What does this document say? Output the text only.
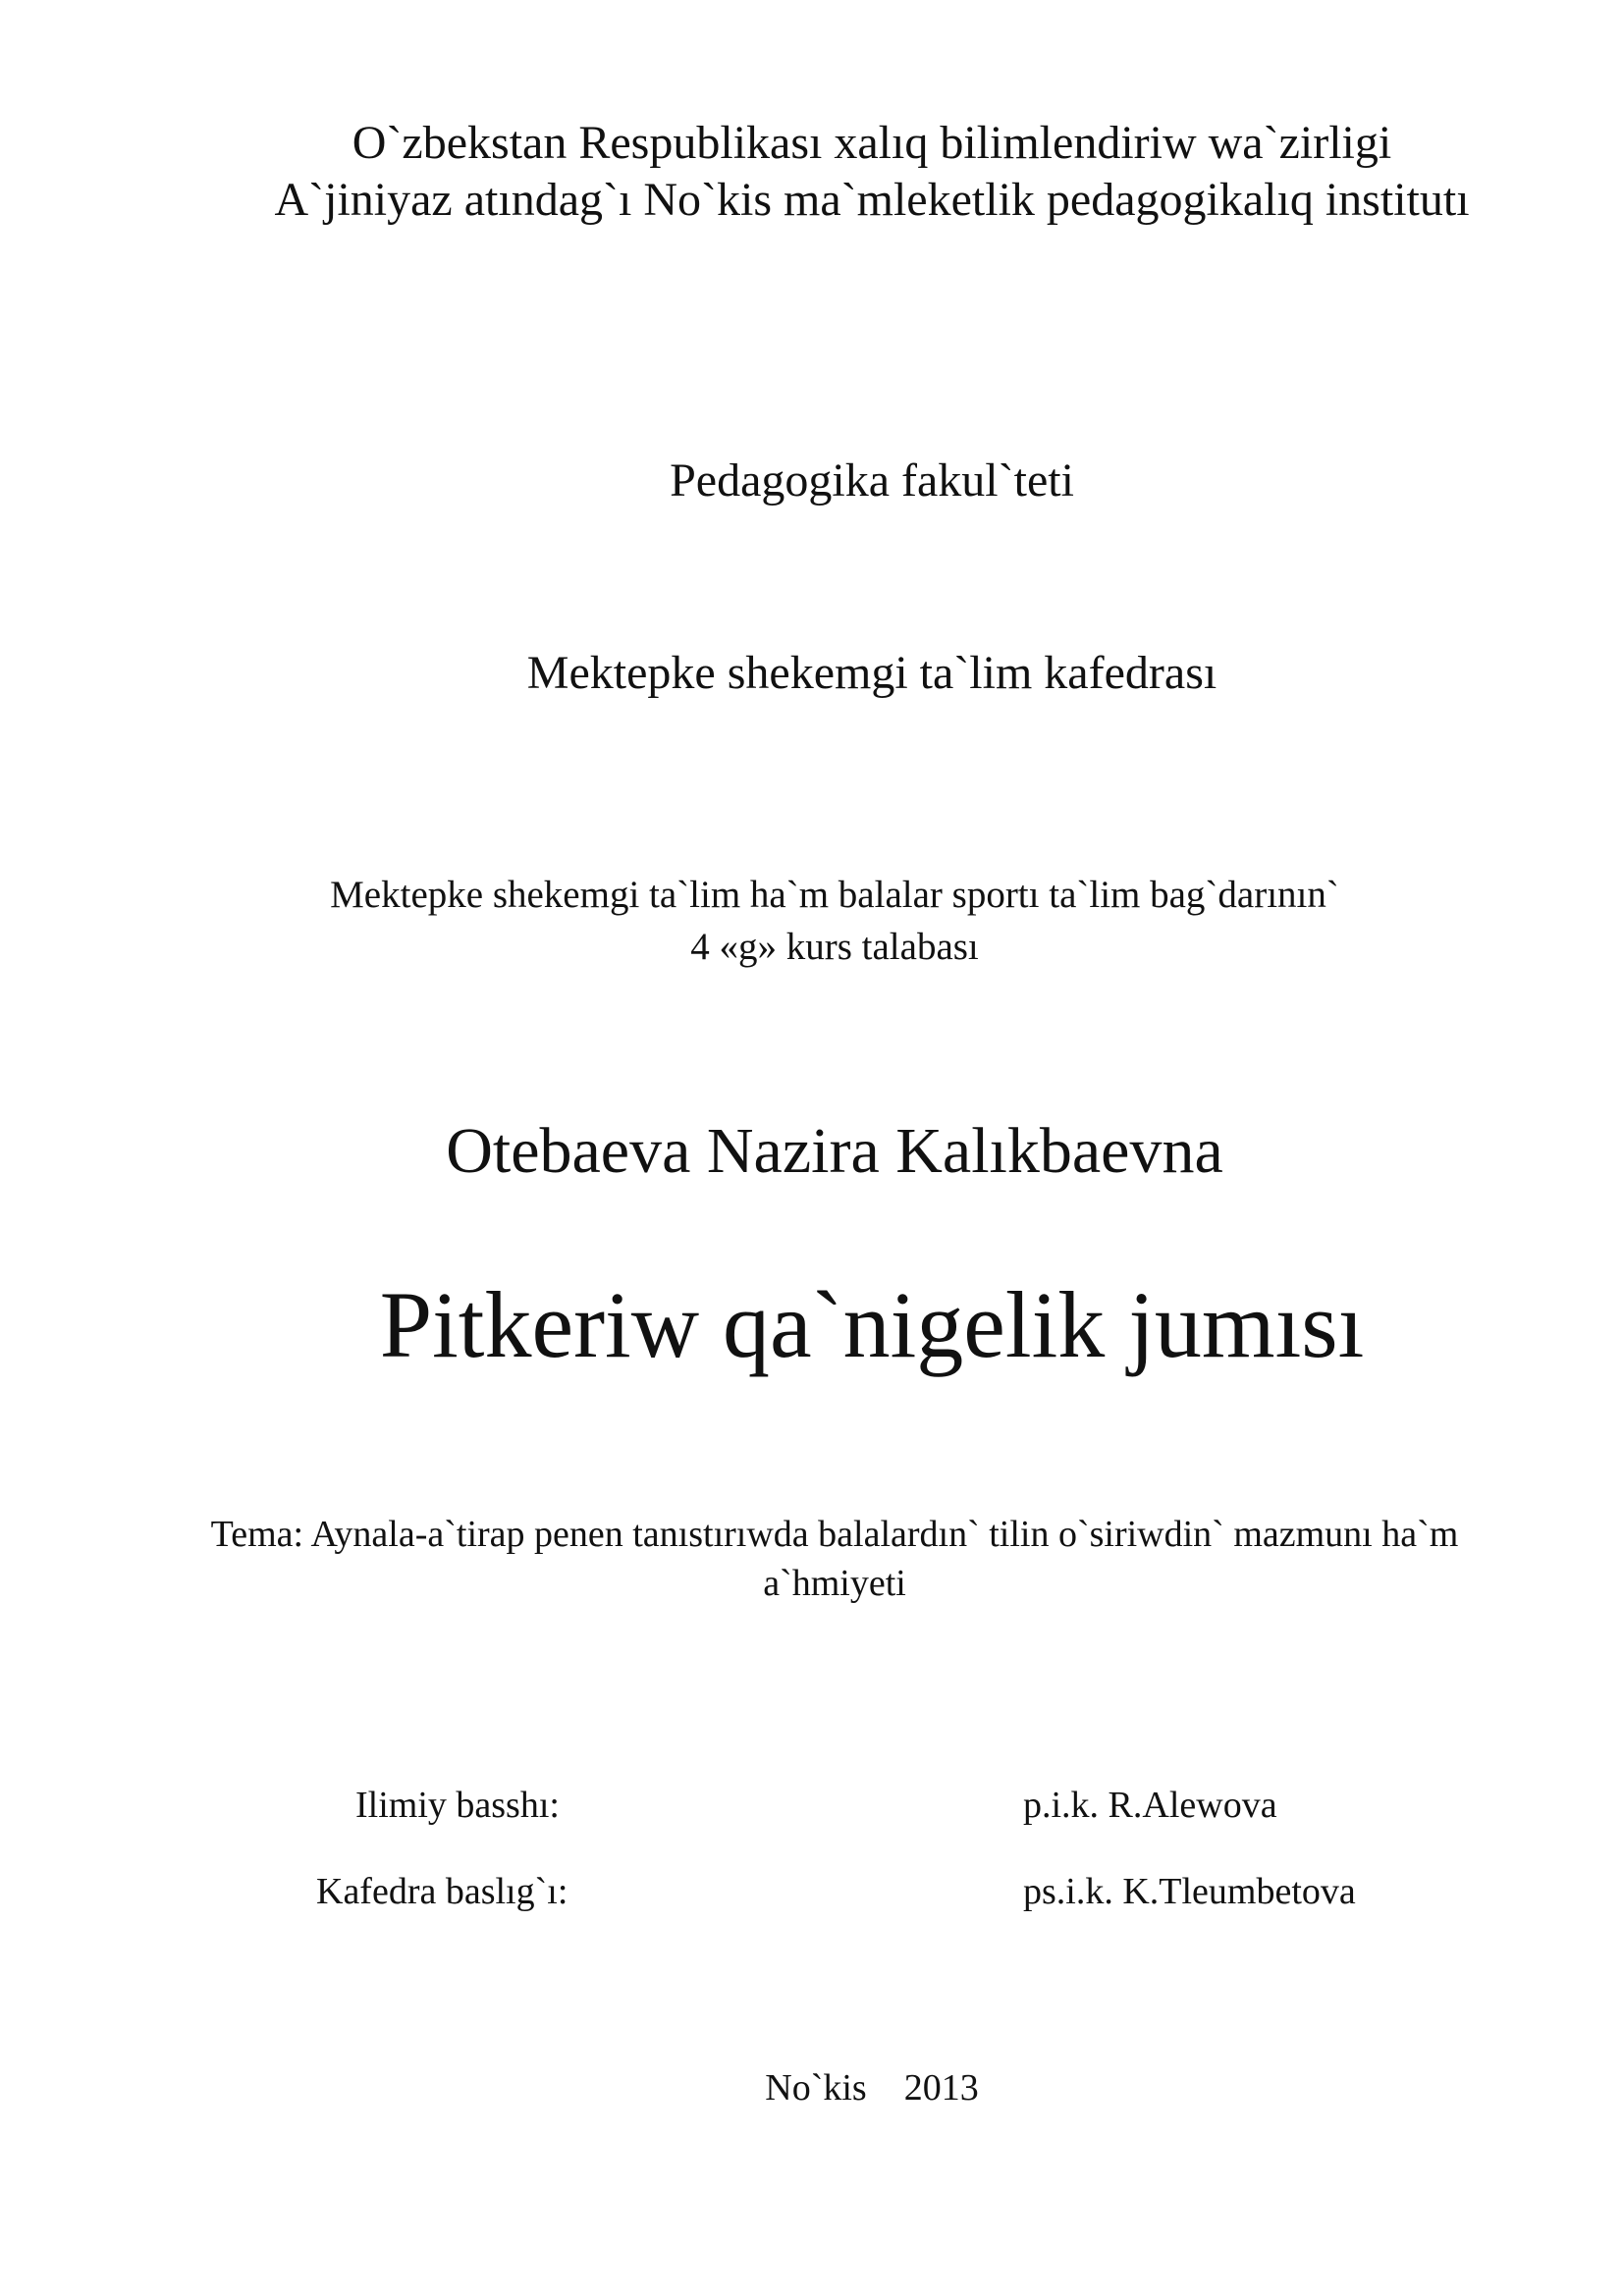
O`zbekstan Respublikası xalıq bilimlendiriw wa`zirligi
A`jiniyaz atındag`ı No`kis ma`mleketlik pedagogikalıq institutı
Pedagogika fakul`teti
Mektepke shekemgi ta`lim kafedrası
Mektepke shekemgi ta`lim ha`m balalar sportı ta`lim bag`darının`
4 «g» kurs talabası
Otebaeva Nazira Kalıkbaevna
Pitkeriw qa`nigelik jumısı
Tema: Aynala-a`tirap penen tanıstırıwda balalardın` tilin o`siriwdin` mazmunı ha`m
a`hmiyeti
Ilimiy basshı:	p.i.k. R.Alewova
Kafedra baslıg`ı:	ps.i.k. K.Tleumbetova
No`kis 2013
